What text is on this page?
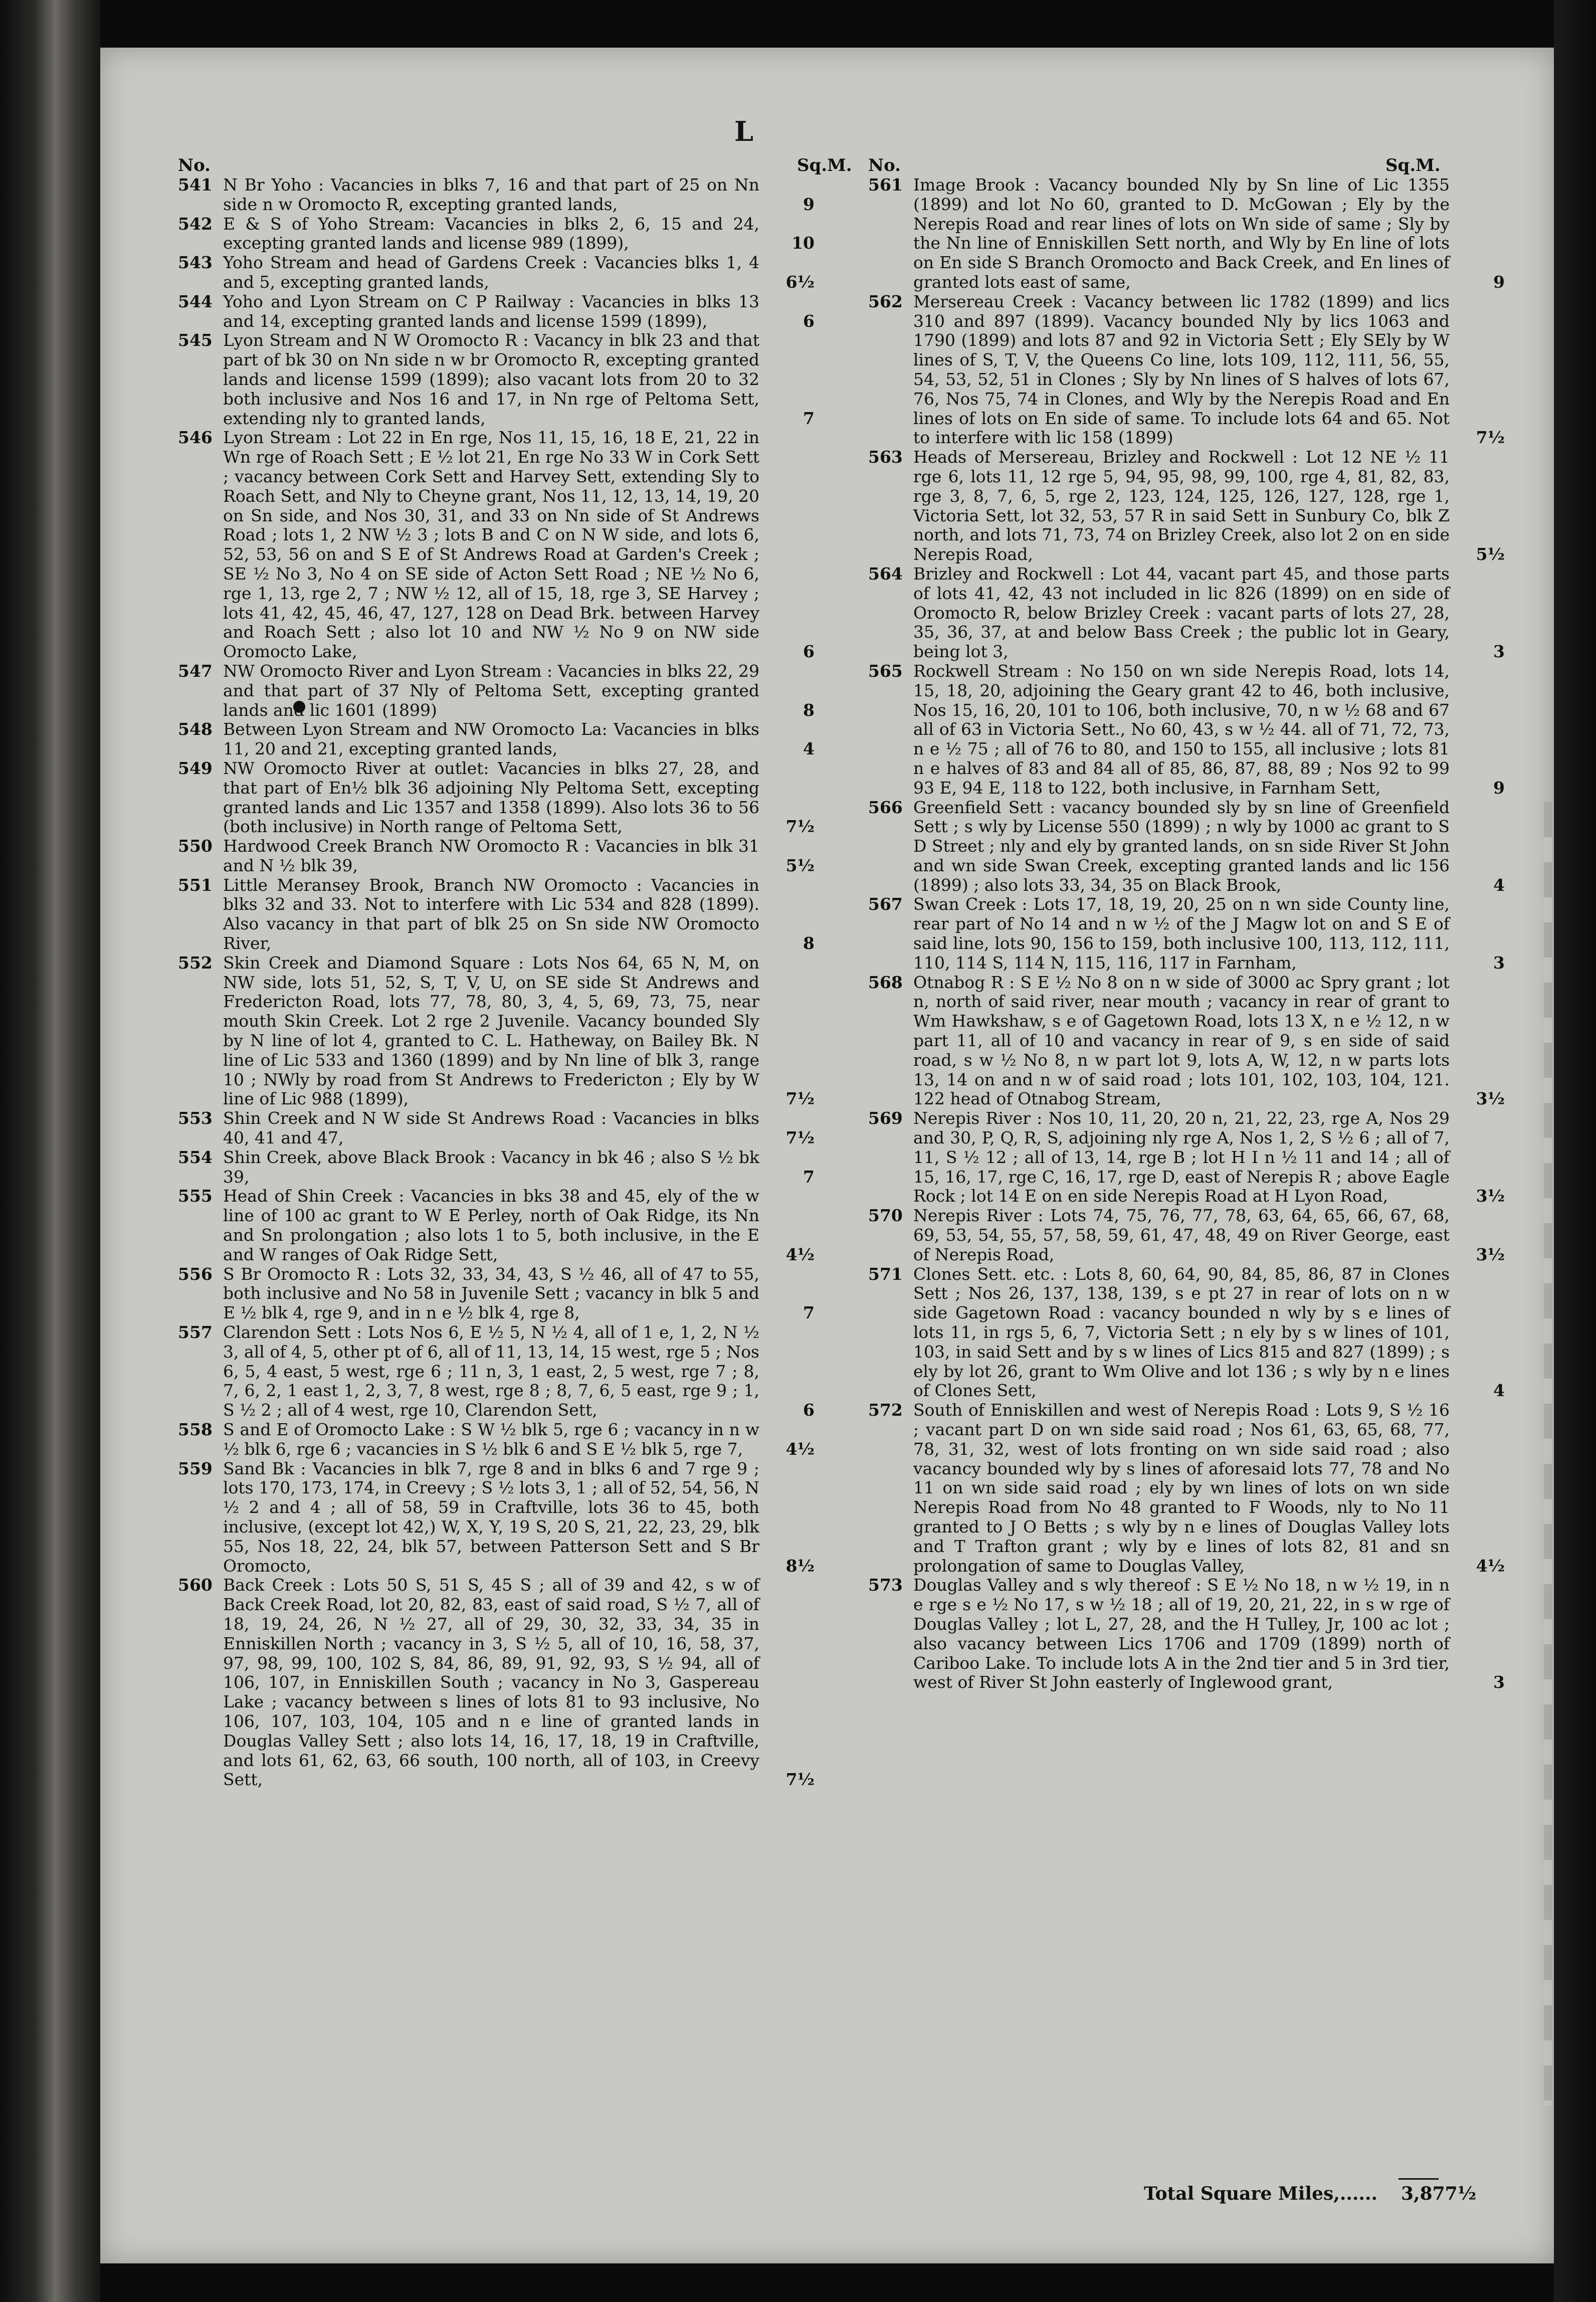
L
No.	Sq.M. No.	Sq.M.
541 N Br Yoho : Vacancies in blks 7, 16 and that part of 25 on Nn side n w Oromocto R, excepting granted lands,	9
542 E & S of Yoho Stream: Vacancies in blks 2, 6, 15 and 24, excepting granted lands and license 989 (1899),	10
543 Yoho Stream and head of Gardens Creek : Vacancies blks 1, 4 and 5, excepting granted lands,	6½
544 Yoho and Lyon Stream on C P Railway : Vacancies in blks 13 and 14, excepting granted lands and license 1599 (1899),	6
545 Lyon Stream and N W Oromocto R : Vacancy in blk 23 and that part of bk 30 on Nn side n w br Oromocto R, excepting granted lands and license 1599 (1899); also vacant lots from 20 to 32 both inclusive and Nos 16 and 17, in Nn rge of Peltoma Sett, extending nly to granted lands,	7
546 Lyon Stream : Lot 22 in En rge, Nos 11, 15, 16, 18 E, 21, 22 in Wn rge of Roach Sett ; E ½ lot 21, En rge No 33 W in Cork Sett ; vacancy between Cork Sett and Harvey Sett, extending Sly to Roach Sett, and Nly to Cheyne grant, Nos 11, 12, 13, 14, 19, 20 on Sn side, and Nos 30, 31, and 33 on Nn side of St Andrews Road ; lots 1, 2 NW ½ 3 ; lots B and C on N W side, and lots 6, 52, 53, 56 on and S E of St Andrews Road at Garden's Creek ; SE ½ No 3, No 4 on SE side of Acton Sett Road ; NE ½ No 6, rge 1, 13, rge 2, 7 ; NW ½ 12, all of 15, 18, rge 3, SE Harvey ; lots 41, 42, 45, 46, 47, 127, 128 on Dead Brk. between Harvey and Roach Sett ; also lot 10 and NW ½ No 9 on NW side Oromocto Lake,	6
547 NW Oromocto River and Lyon Stream : Vacancies in blks 22, 29 and that part of 37 Nly of Peltoma Sett, excepting granted lands and lic 1601 (1899)	8
548 Between Lyon Stream and NW Oromocto La: Vacancies in blks 11, 20 and 21, excepting granted lands,	4
549 NW Oromocto River at outlet: Vacancies in blks 27, 28, and that part of En½ blk 36 adjoining Nly Peltoma Sett, excepting granted lands and Lic 1357 and 1358 (1899). Also lots 36 to 56 (both inclusive) in North range of Peltoma Sett,	7½
550 Hardwood Creek Branch NW Oromocto R : Vacancies in blk 31 and N ½ blk 39,	5½
551 Little Meransey Brook, Branch NW Oromocto : Vacancies in blks 32 and 33. Not to interfere with Lic 534 and 828 (1899). Also vacancy in that part of blk 25 on Sn side NW Oromocto River,	8
552 Skin Creek and Diamond Square : Lots Nos 64, 65 N, M, on NW side, lots 51, 52, S, T, V, U, on SE side St Andrews and Fredericton Road, lots 77, 78, 80, 3, 4, 5, 69, 73, 75, near mouth Skin Creek. Lot 2 rge 2 Juvenile. Vacancy bounded Sly by N line of lot 4, granted to C. L. Hatheway, on Bailey Bk. N line of Lic 533 and 1360 (1899) and by Nn line of blk 3, range 10 ; NWly by road from St Andrews to Fredericton ; Ely by W line of Lic 988 (1899),	7½
553 Shin Creek and N W side St Andrews Road : Vacancies in blks 40, 41 and 47,	7½
554 Shin Creek, above Black Brook : Vacancy in bk 46 ; also S ½ bk 39,	7
555 Head of Shin Creek : Vacancies in bks 38 and 45, ely of the w line of 100 ac grant to W E Perley, north of Oak Ridge, its Nn and Sn prolongation ; also lots 1 to 5, both inclusive, in the E and W ranges of Oak Ridge Sett,	4½
556 S Br Oromocto R : Lots 32, 33, 34, 43, S ½ 46, all of 47 to 55, both inclusive and No 58 in Juvenile Sett ; vacancy in blk 5 and E ½ blk 4, rge 9, and in n e ½ blk 4, rge 8,	7
557 Clarendon Sett : Lots Nos 6, E ½ 5, N ½ 4, all of 1 e, 1, 2, N ½ 3, all of 4, 5, other pt of 6, all of 11, 13, 14, 15 west, rge 5 ; Nos 6, 5, 4 east, 5 west, rge 6 ; 11 n, 3, 1 east, 2, 5 west, rge 7 ; 8, 7, 6, 2, 1 east 1, 2, 3, 7, 8 west, rge 8 ; 8, 7, 6, 5 east, rge 9 ; 1, S ½ 2 ; all of 4 west, rge 10, Clarendon Sett,	6
558 S and E of Oromocto Lake : S W ½ blk 5, rge 6 ; vacancy in n w ½ blk 6, rge 6 ; vacancies in S ½ blk 6 and S E ½ blk 5, rge 7,	4½
559 Sand Bk : Vacancies in blk 7, rge 8 and in blks 6 and 7 rge 9 ; lots 170, 173, 174, in Creevy ; S ½ lots 3, 1 ; all of 52, 54, 56, N ½ 2 and 4 ; all of 58, 59 in Craftville, lots 36 to 45, both inclusive, (except lot 42,) W, X, Y, 19 S, 20 S, 21, 22, 23, 29, blk 55, Nos 18, 22, 24, blk 57, between Patterson Sett and S Br Oromocto,	8½
560 Back Creek : Lots 50 S, 51 S, 45 S ; all of 39 and 42, s w of Back Creek Road, lot 20, 82, 83, east of said road, S ½ 7, all of 18, 19, 24, 26, N ½ 27, all of 29, 30, 32, 33, 34, 35 in Enniskillen North ; vacancy in 3, S ½ 5, all of 10, 16, 58, 37, 97, 98, 99, 100, 102 S, 84, 86, 89, 91, 92, 93, S ½ 94, all of 106, 107, in Enniskillen South ; vacancy in No 3, Gaspereau Lake ; vacancy between s lines of lots 81 to 93 inclusive, No 106, 107, 103, 104, 105 and n e line of granted lands in Douglas Valley Sett ; also lots 14, 16, 17, 18, 19 in Craftville, and lots 61, 62, 63, 66 south, 100 north, all of 103, in Creevy Sett,	7½
561 Image Brook : Vacancy bounded Nly by Sn line of Lic 1355 (1899) and lot No 60, granted to D. McGowan ; Ely by the Nerepis Road and rear lines of lots on Wn side of same ; Sly by the Nn line of Enniskillen Sett north, and Wly by En line of lots on En side S Branch Oromocto and Back Creek, and En lines of granted lots east of same,	9
562 Mersereau Creek : Vacancy between lic 1782 (1899) and lics 310 and 897 (1899). Vacancy bounded Nly by lics 1063 and 1790 (1899) and lots 87 and 92 in Victoria Sett ; Ely SEly by W lines of S, T, V, the Queens Co line, lots 109, 112, 111, 56, 55, 54, 53, 52, 51 in Clones ; Sly by Nn lines of S halves of lots 67, 76, Nos 75, 74 in Clones, and Wly by the Nerepis Road and En lines of lots on En side of same. To include lots 64 and 65. Not to interfere with lic 158 (1899)	7½
563 Heads of Mersereau, Brizley and Rockwell : Lot 12 NE ½ 11 rge 6, lots 11, 12 rge 5, 94, 95, 98, 99, 100, rge 4, 81, 82, 83, rge 3, 8, 7, 6, 5, rge 2, 123, 124, 125, 126, 127, 128, rge 1, Victoria Sett, lot 32, 53, 57 R in said Sett in Sunbury Co, blk Z north, and lots 71, 73, 74 on Brizley Creek, also lot 2 on en side Nerepis Road,	5½
564 Brizley and Rockwell : Lot 44, vacant part 45, and those parts of lots 41, 42, 43 not included in lic 826 (1899) on en side of Oromocto R, below Brizley Creek : vacant parts of lots 27, 28, 35, 36, 37, at and below Bass Creek ; the public lot in Geary, being lot 3,	3
565 Rockwell Stream : No 150 on wn side Nerepis Road, lots 14, 15, 18, 20, adjoining the Geary grant 42 to 46, both inclusive, Nos 15, 16, 20, 101 to 106, both inclusive, 70, n w ½ 68 and 67 all of 63 in Victoria Sett., No 60, 43, s w ½ 44. all of 71, 72, 73, n e ½ 75 ; all of 76 to 80, and 150 to 155, all inclusive ; lots 81 n e halves of 83 and 84 all of 85, 86, 87, 88, 89 ; Nos 92 to 99 93 E, 94 E, 118 to 122, both inclusive, in Farnham Sett,	9
566 Greenfield Sett : vacancy bounded sly by sn line of Greenfield Sett ; s wly by License 550 (1899) ; n wly by 1000 ac grant to S D Street ; nly and ely by granted lands, on sn side River St John and wn side Swan Creek, excepting granted lands and lic 156 (1899) ; also lots 33, 34, 35 on Black Brook,	4
567 Swan Creek : Lots 17, 18, 19, 20, 25 on n wn side County line, rear part of No 14 and n w ½ of the J Magw lot on and S E of said line, lots 90, 156 to 159, both inclusive 100, 113, 112, 111, 110, 114 S, 114 N, 115, 116, 117 in Farnham,	3
568 Otnabog R : S E ½ No 8 on n w side of 3000 ac Spry grant ; lot n, north of said river, near mouth ; vacancy in rear of grant to Wm Hawkshaw, s e of Gagetown Road, lots 13 X, n e ½ 12, n w part 11, all of 10 and vacancy in rear of 9, s en side of said road, s w ½ No 8, n w part lot 9, lots A, W, 12, n w parts lots 13, 14 on and n w of said road ; lots 101, 102, 103, 104, 121. 122 head of Otnabog Stream,	3½
569 Nerepis River : Nos 10, 11, 20, 20 n, 21, 22, 23, rge A, Nos 29 and 30, P, Q, R, S, adjoining nly rge A, Nos 1, 2, S ½ 6 ; all of 7, 11, S ½ 12 ; all of 13, 14, rge B ; lot H I n ½ 11 and 14 ; all of 15, 16, 17, rge C, 16, 17, rge D, east of Nerepis R ; above Eagle Rock ; lot 14 E on en side Nerepis Road at H Lyon Road,	3½
570 Nerepis River : Lots 74, 75, 76, 77, 78, 63, 64, 65, 66, 67, 68, 69, 53, 54, 55, 57, 58, 59, 61, 47, 48, 49 on River George, east of Nerepis Road,	3½
571 Clones Sett. etc. : Lots 8, 60, 64, 90, 84, 85, 86, 87 in Clones Sett ; Nos 26, 137, 138, 139, s e pt 27 in rear of lots on n w side Gagetown Road : vacancy bounded n wly by s e lines of lots 11, in rgs 5, 6, 7, Victoria Sett ; n ely by s w lines of 101, 103, in said Sett and by s w lines of Lics 815 and 827 (1899) ; s ely by lot 26, grant to Wm Olive and lot 136 ; s wly by n e lines of Clones Sett,	4
572 South of Enniskillen and west of Nerepis Road : Lots 9, S ½ 16 ; vacant part D on wn side said road ; Nos 61, 63, 65, 68, 77, 78, 31, 32, west of lots fronting on wn side said road ; also vacancy bounded wly by s lines of aforesaid lots 77, 78 and No 11 on wn side said road ; ely by wn lines of lots on wn side Nerepis Road from No 48 granted to F Woods, nly to No 11 granted to J O Betts ; s wly by n e lines of Douglas Valley lots and T Trafton grant ; wly by e lines of lots 82, 81 and sn prolongation of same to Douglas Valley,	4½
573 Douglas Valley and s wly thereof : S E ½ No 18, n w ½ 19, in n e rge s e ½ No 17, s w ½ 18 ; all of 19, 20, 21, 22, in s w rge of Douglas Valley ; lot L, 27, 28, and the H Tulley, Jr, 100 ac lot ; also vacancy between Lics 1706 and 1709 (1899) north of Cariboo Lake. To include lots A in the 2nd tier and 5 in 3rd tier, west of River St John easterly of Inglewood grant,	3
Total Square Miles,...... 3,877½
